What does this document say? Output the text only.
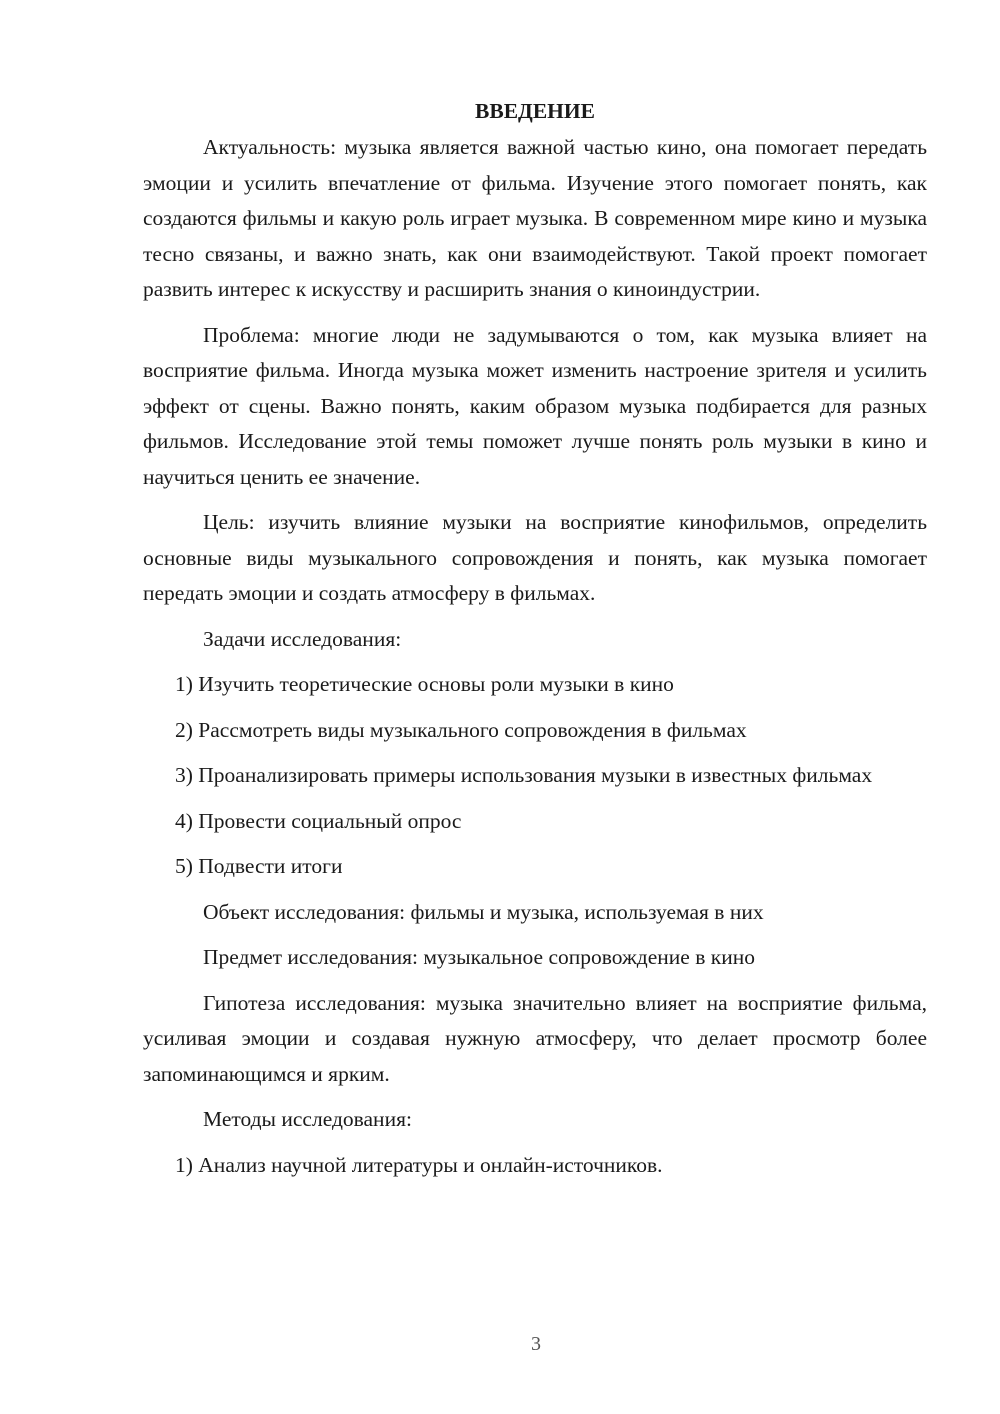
ВВЕДЕНИЕ

Актуальность: музыка является важной частью кино, она помогает передать эмоции и усилить впечатление от фильма. Изучение этого помогает понять, как создаются фильмы и какую роль играет музыка. В современном мире кино и музыка тесно связаны, и важно знать, как они взаимодействуют. Такой проект помогает развить интерес к искусству и расширить знания о киноиндустрии.

Проблема: многие люди не задумываются о том, как музыка влияет на восприятие фильма. Иногда музыка может изменить настроение зрителя и усилить эффект от сцены. Важно понять, каким образом музыка подбирается для разных фильмов. Исследование этой темы поможет лучше понять роль музыки в кино и научиться ценить ее значение.

Цель: изучить влияние музыки на восприятие кинофильмов, определить основные виды музыкального сопровождения и понять, как музыка помогает передать эмоции и создать атмосферу в фильмах.

Задачи исследования:

1) Изучить теоретические основы роли музыки в кино

2) Рассмотреть виды музыкального сопровождения в фильмах

3) Проанализировать примеры использования музыки в известных фильмах

4) Провести социальный опрос

5) Подвести итоги

Объект исследования: фильмы и музыка, используемая в них

Предмет исследования: музыкальное сопровождение в кино

Гипотеза исследования: музыка значительно влияет на восприятие фильма, усиливая эмоции и создавая нужную атмосферу, что делает просмотр более запоминающимся и ярким.

Методы исследования:

1) Анализ научной литературы и онлайн-источников.

3
